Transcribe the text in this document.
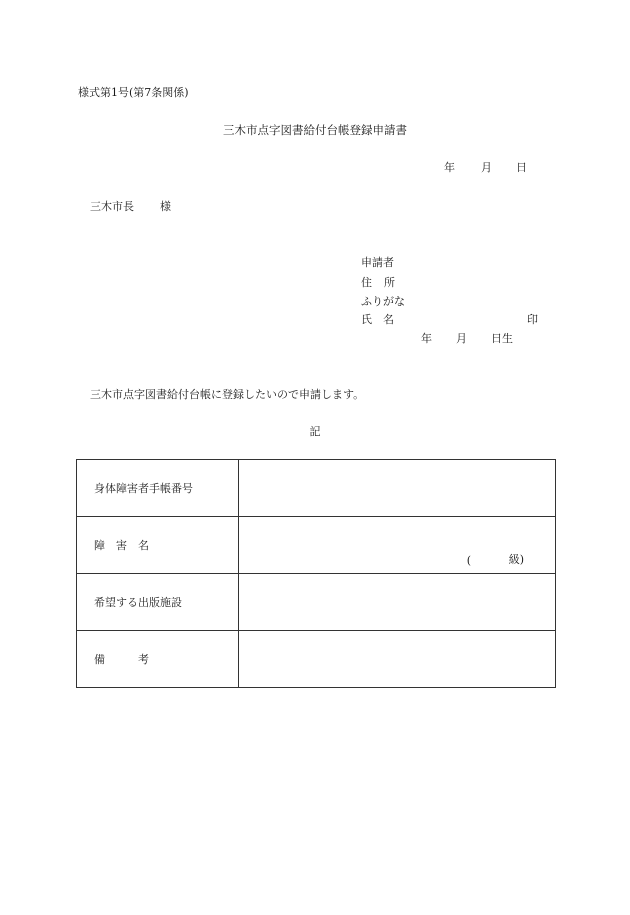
様式第1号(第7条関係)
三木市点字図書給付台帳登録申請書
年 月 日
三木市長 様
申請者
住　所
ふりがな
氏　名	印
年 月 日生
三木市点字図書給付台帳に登録したいので申請します。
記
身体障害者手帳番号	
障　害　名	( 級)

希望する出版施設	
備　　　考	
